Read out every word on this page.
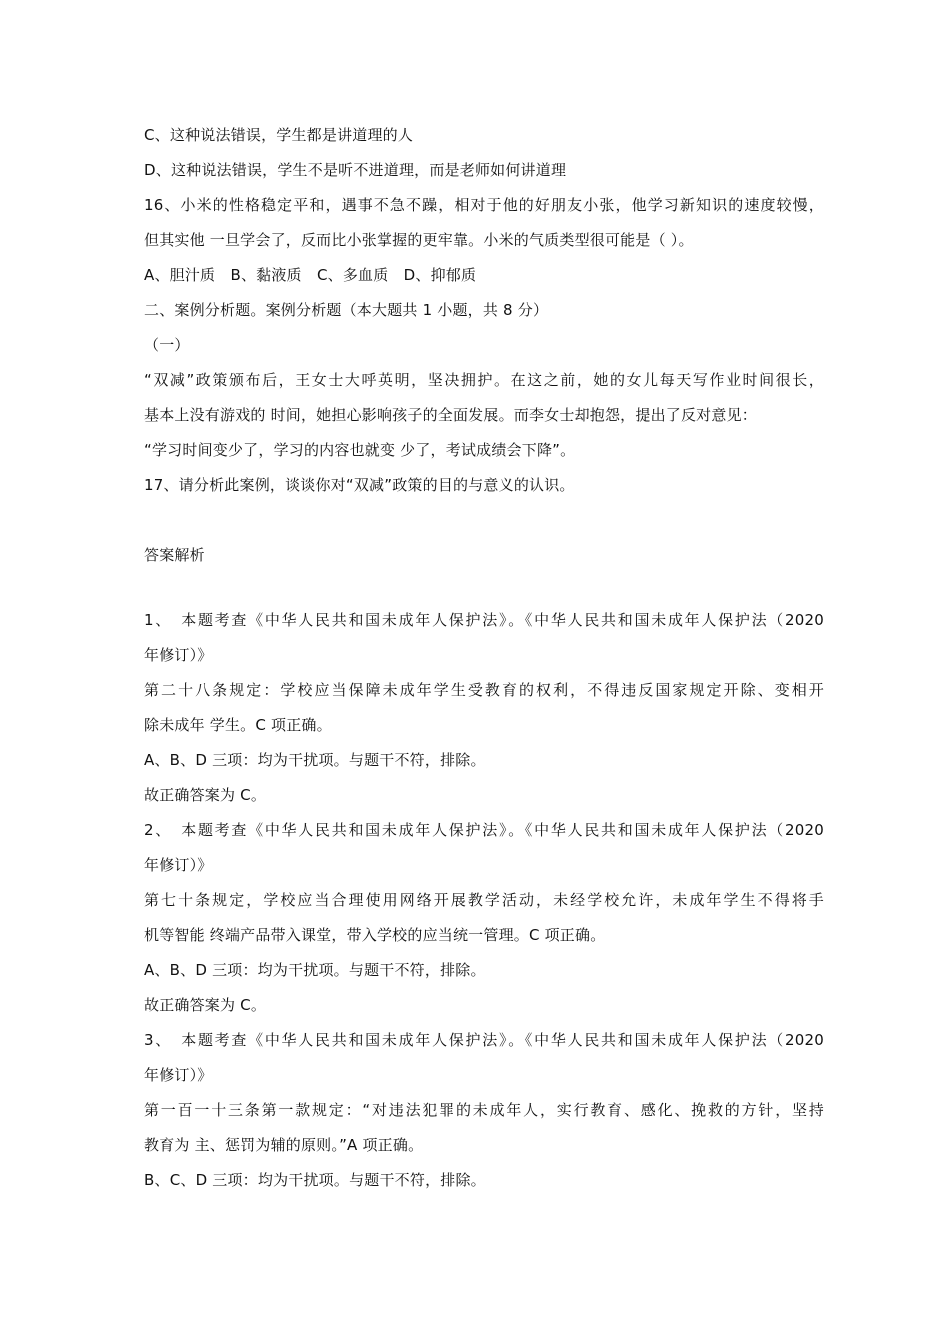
C、这种说法错误，学生都是讲道理的人
D、这种说法错误，学生不是听不进道理，而是老师如何讲道理
16、小米的性格稳定平和，遇事不急不躁，相对于他的好朋友小张，他学习新知识的速度较慢，
但其实他 一旦学会了，反而比小张掌握的更牢靠。小米的气质类型很可能是（ ）。
A、胆汁质　B、黏液质　C、多血质　D、抑郁质
二、案例分析题。案例分析题（本大题共 1 小题，共 8 分）
（一）
“双减”政策颁布后，王女士大呼英明，坚决拥护。在这之前，她的女儿每天写作业时间很长，
基本上没有游戏的 时间，她担心影响孩子的全面发展。而李女士却抱怨，提出了反对意见：
“学习时间变少了，学习的内容也就变 少了，考试成绩会下降”。
17、请分析此案例，谈谈你对“双减”政策的目的与意义的认识。
答案解析
1、　本题考查《中华人民共和国未成年人保护法》。《中华人民共和国未成年人保护法（2020
年修订）》
第二十八条规定：学校应当保障未成年学生受教育的权利，不得违反国家规定开除、变相开
除未成年 学生。C 项正确。
A、B、D 三项：均为干扰项。与题干不符，排除。
故正确答案为 C。
2、　本题考查《中华人民共和国未成年人保护法》。《中华人民共和国未成年人保护法（2020
年修订）》
第七十条规定，学校应当合理使用网络开展教学活动，未经学校允许，未成年学生不得将手
机等智能 终端产品带入课堂，带入学校的应当统一管理。C 项正确。
A、B、D 三项：均为干扰项。与题干不符，排除。
故正确答案为 C。
3、　本题考查《中华人民共和国未成年人保护法》。《中华人民共和国未成年人保护法（2020
年修订）》
第一百一十三条第一款规定：“对违法犯罪的未成年人，实行教育、感化、挽救的方针，坚持
教育为 主、惩罚为辅的原则。”A 项正确。
B、C、D 三项：均为干扰项。与题干不符，排除。
